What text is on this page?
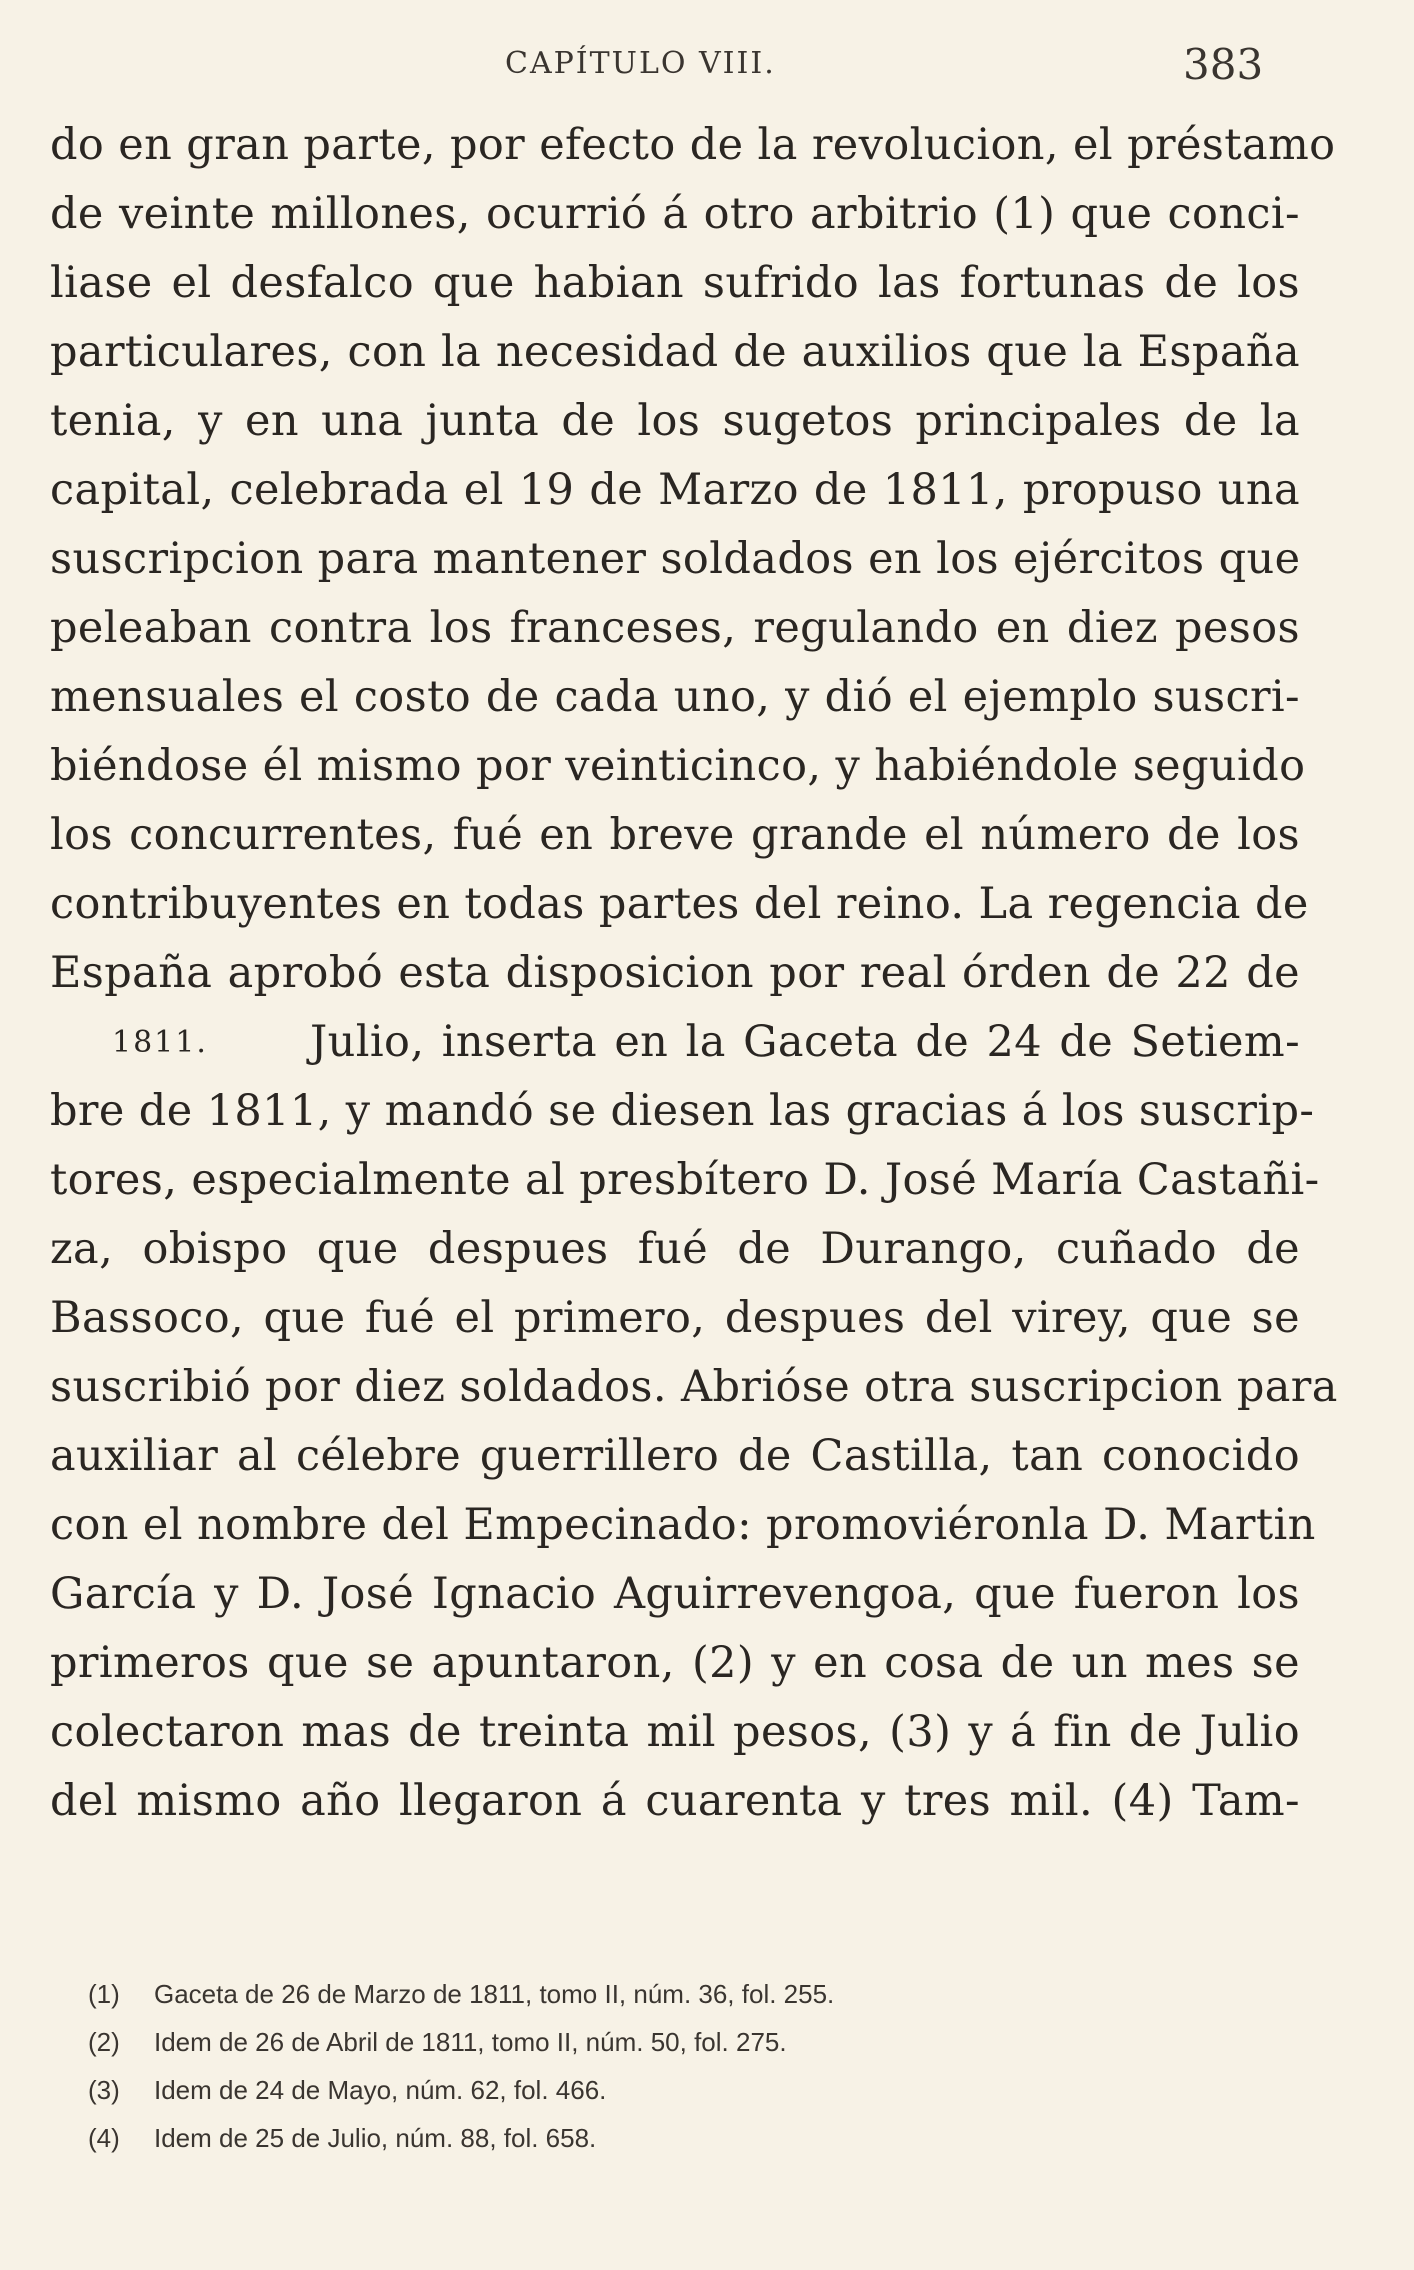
CAPÍTULO VIII.	383
do en gran parte, por efecto de la revolucion, el préstamo
de veinte millones, ocurrió á otro arbitrio (1) que conci-
liase el desfalco que habian sufrido las fortunas de los
particulares, con la necesidad de auxilios que la España
tenia, y en una junta de los sugetos principales de la
capital, celebrada el 19 de Marzo de 1811, propuso una
suscripcion para mantener soldados en los ejércitos que
peleaban contra los franceses, regulando en diez pesos
mensuales el costo de cada uno, y dió el ejemplo suscri-
biéndose él mismo por veinticinco, y habiéndole seguido
los concurrentes, fué en breve grande el número de los
contribuyentes en todas partes del reino. La regencia de
España aprobó esta disposicion por real órden de 22 de
1811. Julio, inserta en la Gaceta de 24 de Setiem-
bre de 1811, y mandó se diesen las gracias á los suscrip-
tores, especialmente al presbítero D. José María Castañi-
za, obispo que despues fué de Durango, cuñado de
Bassoco, que fué el primero, despues del virey, que se
suscribió por diez soldados. Abrióse otra suscripcion para
auxiliar al célebre guerrillero de Castilla, tan conocido
con el nombre del Empecinado: promoviéronla D. Martin
García y D. José Ignacio Aguirrevengoa, que fueron los
primeros que se apuntaron, (2) y en cosa de un mes se
colectaron mas de treinta mil pesos, (3) y á fin de Julio
del mismo año llegaron á cuarenta y tres mil. (4) Tam-
(1) Gaceta de 26 de Marzo de 1811, tomo II, núm. 36, fol. 255.
(2) Idem de 26 de Abril de 1811, tomo II, núm. 50, fol. 275.
(3) Idem de 24 de Mayo, núm. 62, fol. 466.
(4) Idem de 25 de Julio, núm. 88, fol. 658.
